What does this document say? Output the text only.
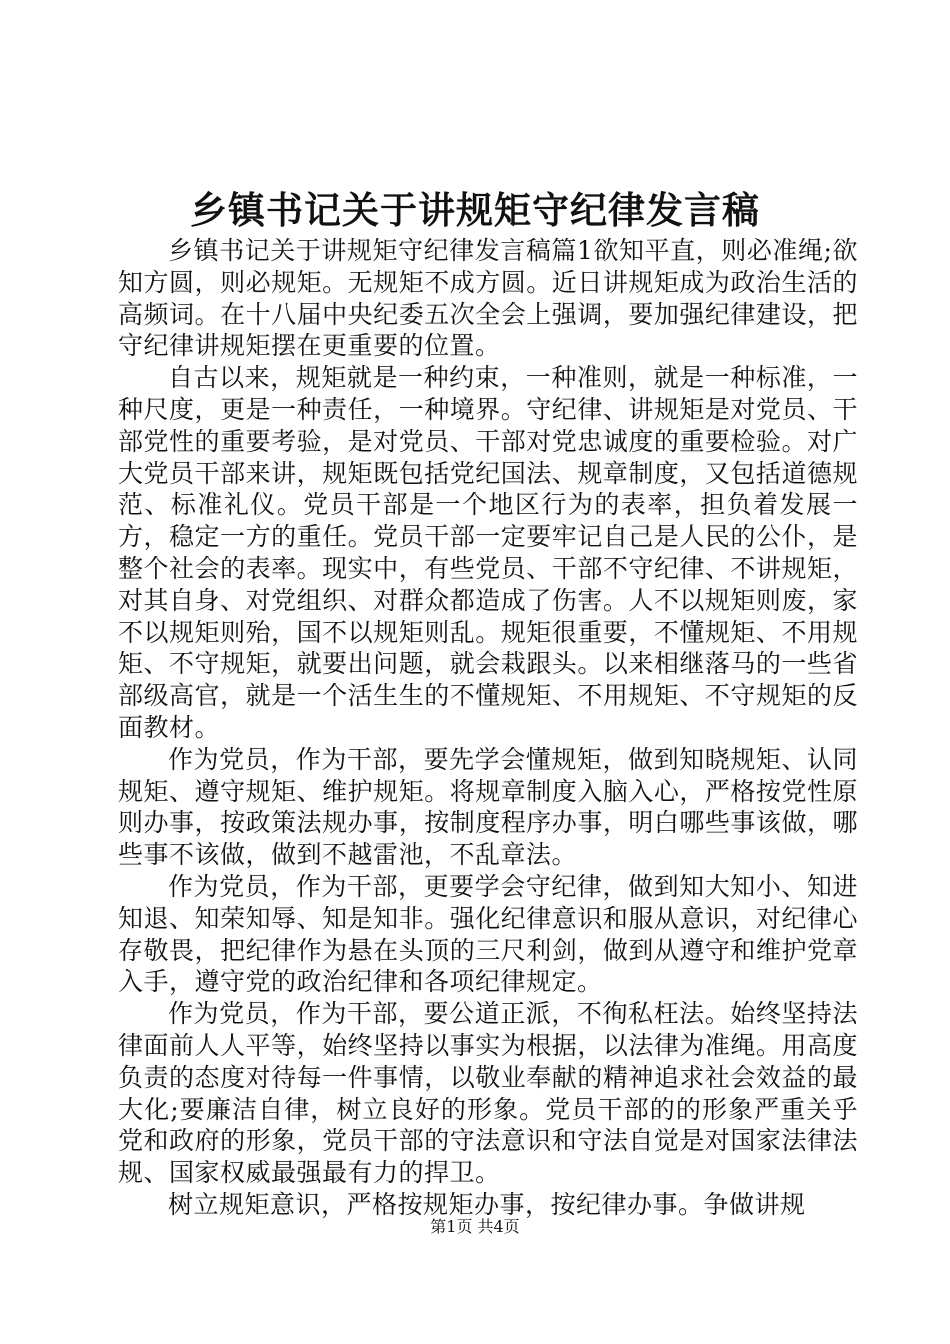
乡镇书记关于讲规矩守纪律发言稿

乡镇书记关于讲规矩守纪律发言稿篇1欲知平直，则必准绳;欲知方圆，则必规矩。无规矩不成方圆。近日讲规矩成为政治生活的高频词。在十八届中央纪委五次全会上强调，要加强纪律建设，把守纪律讲规矩摆在更重要的位置。

自古以来，规矩就是一种约束，一种准则，就是一种标准，一种尺度，更是一种责任，一种境界。守纪律、讲规矩是对党员、干部党性的重要考验，是对党员、干部对党忠诚度的重要检验。对广大党员干部来讲，规矩既包括党纪国法、规章制度，又包括道德规范、标准礼仪。党员干部是一个地区行为的表率，担负着发展一方，稳定一方的重任。党员干部一定要牢记自己是人民的公仆，是整个社会的表率。现实中，有些党员、干部不守纪律、不讲规矩，对其自身、对党组织、对群众都造成了伤害。人不以规矩则废，家不以规矩则殆，国不以规矩则乱。规矩很重要，不懂规矩、不用规矩、不守规矩，就要出问题，就会栽跟头。以来相继落马的一些省部级高官，就是一个活生生的不懂规矩、不用规矩、不守规矩的反面教材。

作为党员，作为干部，要先学会懂规矩，做到知晓规矩、认同规矩、遵守规矩、维护规矩。将规章制度入脑入心，严格按党性原则办事，按政策法规办事，按制度程序办事，明白哪些事该做，哪些事不该做，做到不越雷池，不乱章法。

作为党员，作为干部，更要学会守纪律，做到知大知小、知进知退、知荣知辱、知是知非。强化纪律意识和服从意识，对纪律心存敬畏，把纪律作为悬在头顶的三尺利剑，做到从遵守和维护党章入手，遵守党的政治纪律和各项纪律规定。

作为党员，作为干部，要公道正派，不徇私枉法。始终坚持法律面前人人平等，始终坚持以事实为根据，以法律为准绳。用高度负责的态度对待每一件事情，以敬业奉献的精神追求社会效益的最大化;要廉洁自律，树立良好的形象。党员干部的的形象严重关乎党和政府的形象，党员干部的守法意识和守法自觉是对国家法律法规、国家权威最强最有力的捍卫。

树立规矩意识，严格按规矩办事，按纪律办事。争做讲规

第1页 共4页
